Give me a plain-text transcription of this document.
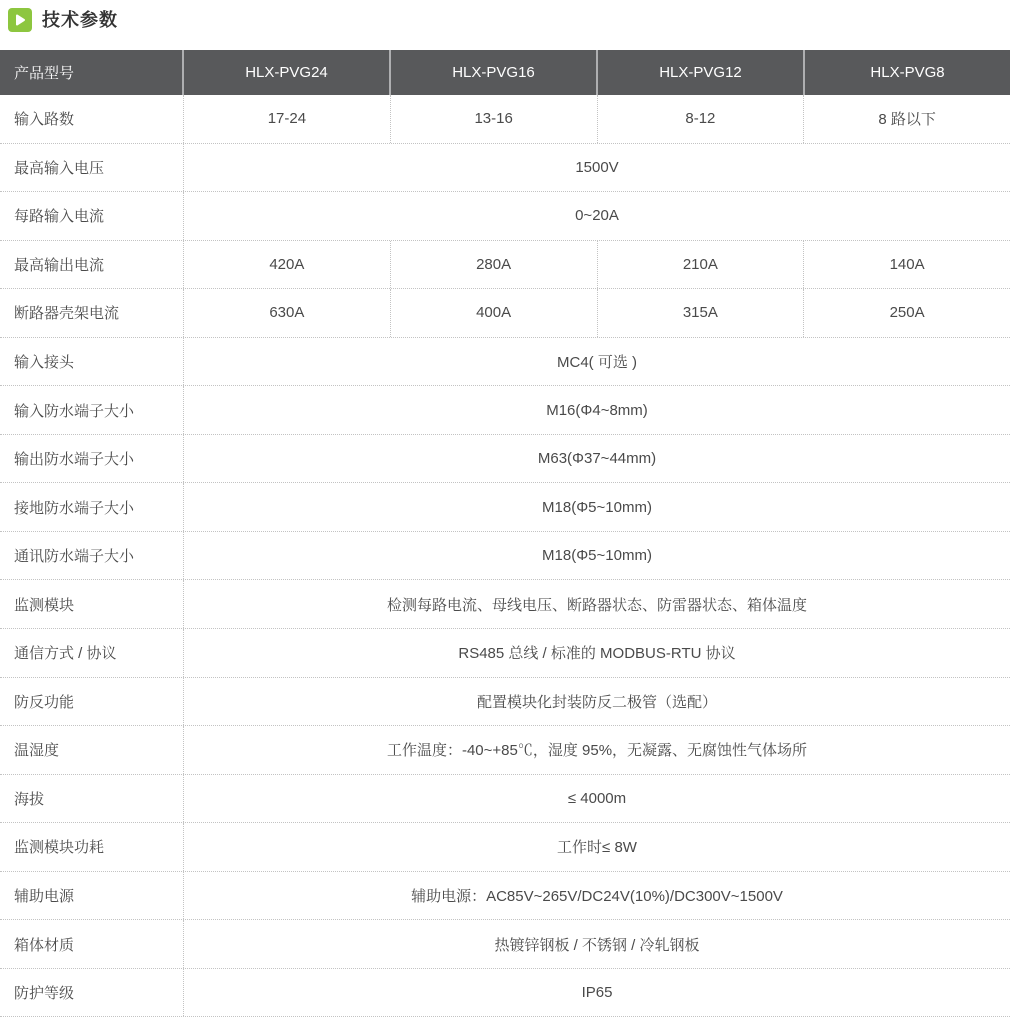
技术参数
产品型号	HLX-PVG24	HLX-PVG16	HLX-PVG12	HLX-PVG8
输入路数	17-24	13-16	8-12	8 路以下
最高输入电压	1500V
每路输入电流	0~20A
最高输出电流	420A	280A	210A	140A
断路器壳架电流	630A	400A	315A	250A
输入接头	MC4( 可选 )
输入防水端子大小	M16(Φ4~8mm)
输出防水端子大小	M63(Φ37~44mm)
接地防水端子大小	M18(Φ5~10mm)
通讯防水端子大小	M18(Φ5~10mm)
监测模块	检测每路电流、母线电压、断路器状态、防雷器状态、箱体温度
通信方式 / 协议	RS485 总线 / 标准的 MODBUS-RTU 协议
防反功能	配置模块化封装防反二极管（选配）
温湿度	工作温度：-40~+85℃，湿度 95%，无凝露、无腐蚀性气体场所
海拔	≤ 4000m
监测模块功耗	工作时≤ 8W
辅助电源	辅助电源：AC85V~265V/DC24V(10%)/DC300V~1500V
箱体材质	热镀锌钢板 / 不锈钢 / 冷轧钢板
防护等级	IP65
